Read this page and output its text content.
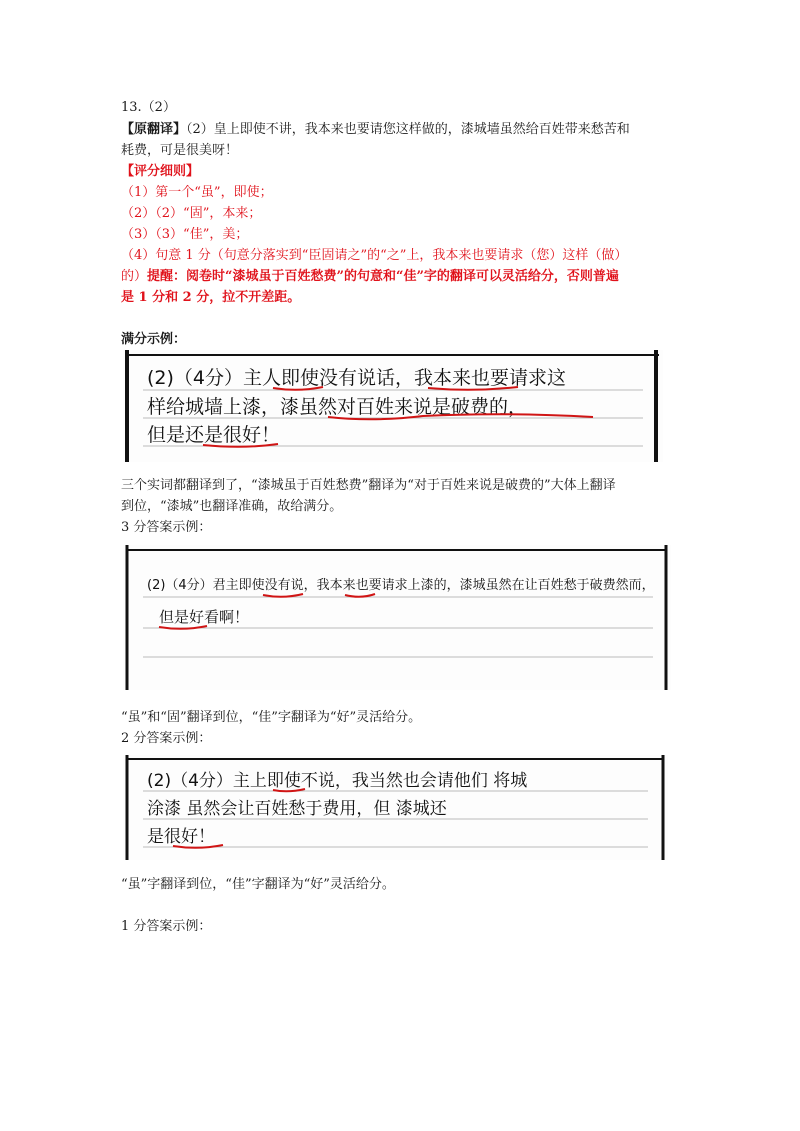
13.（2）
【原翻译】（2）皇上即使不讲，我本来也要请您这样做的，漆城墙虽然给百姓带来愁苦和
耗费，可是很美呀！
【评分细则】
（1）第一个“虽”，即使；
（2）（2）“固”，本来；
（3）（3）“佳”，美；
（4）句意 1 分（句意分落实到“臣固请之”的“之”上，我本来也要请求（您）这样（做）
的）提醒：阅卷时“漆城虽于百姓愁费”的句意和“佳”字的翻译可以灵活给分，否则普遍
是 1 分和 2 分，拉不开差距。
满分示例：
(2)（4分）主人即使没有说话，我本来也要请求这
样给城墙上漆，漆虽然对百姓来说是破费的，
但是还是很好！
三个实词都翻译到了，“漆城虽于百姓愁费”翻译为“对于百姓来说是破费的”大体上翻译
到位，“漆城”也翻译准确，故给满分。
3 分答案示例：
(2)（4分）君主即使没有说，我本来也要请求上漆的，漆城虽然在让百姓愁于破费然而，
但是好看啊！
“虽”和“固”翻译到位，“佳”字翻译为“好”灵活给分。
2 分答案示例：
(2)（4分）主上即使不说，我当然也会请他们 将城
涂漆 虽然会让百姓愁于费用，但 漆城还
是很好！
“虽”字翻译到位，“佳”字翻译为“好”灵活给分。
1 分答案示例：
